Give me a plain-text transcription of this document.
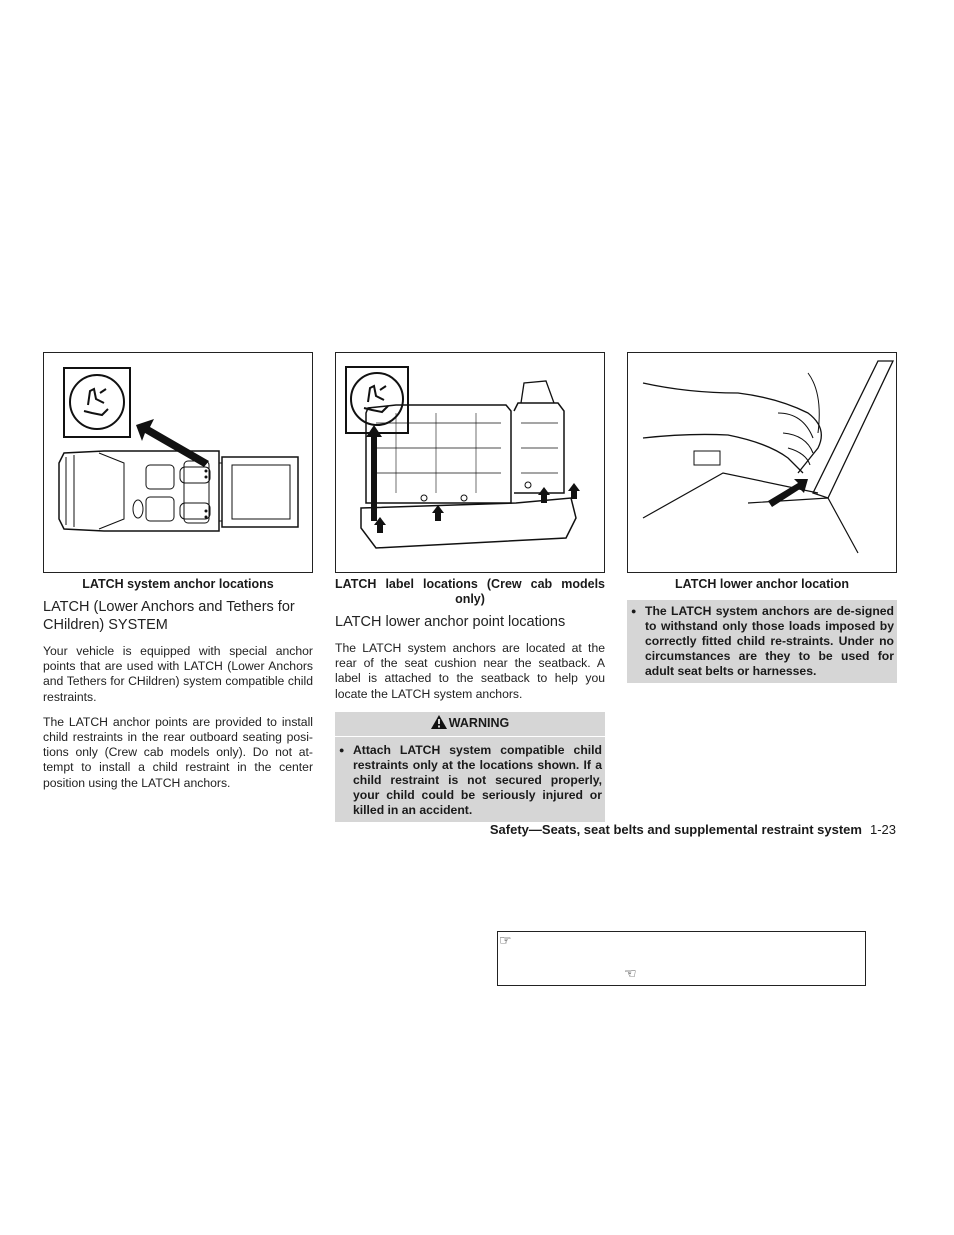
LATCH system anchor locations
LATCH (Lower Anchors and Tethers for CHildren) SYSTEM

Your vehicle is equipped with special anchor points that are used with LATCH (Lower Anchors and Tethers for CHildren) system compatible child restraints.

The LATCH anchor points are provided to install child restraints in the rear outboard seating posi-tions only (Crew cab models only). Do not at-tempt to install a child restraint in the center position using the LATCH anchors.

LATCH label locations (Crew cab models only)
LATCH lower anchor point locations

The LATCH system anchors are located at the rear of the seat cushion near the seatback. A label is attached to the seatback to help you locate the LATCH system anchors.

WARNING
● Attach LATCH system compatible child restraints only at the locations shown. If a child restraint is not secured properly, your child could be seriously injured or killed in an accident.
LATCH lower anchor location
● The LATCH system anchors are de-signed to withstand only those loads imposed by correctly fitted child re-straints. Under no circumstances are they to be used for adult seat belts or harnesses.
Safety—Seats, seat belts and supplemental restraint system 1-23
☞
☜
